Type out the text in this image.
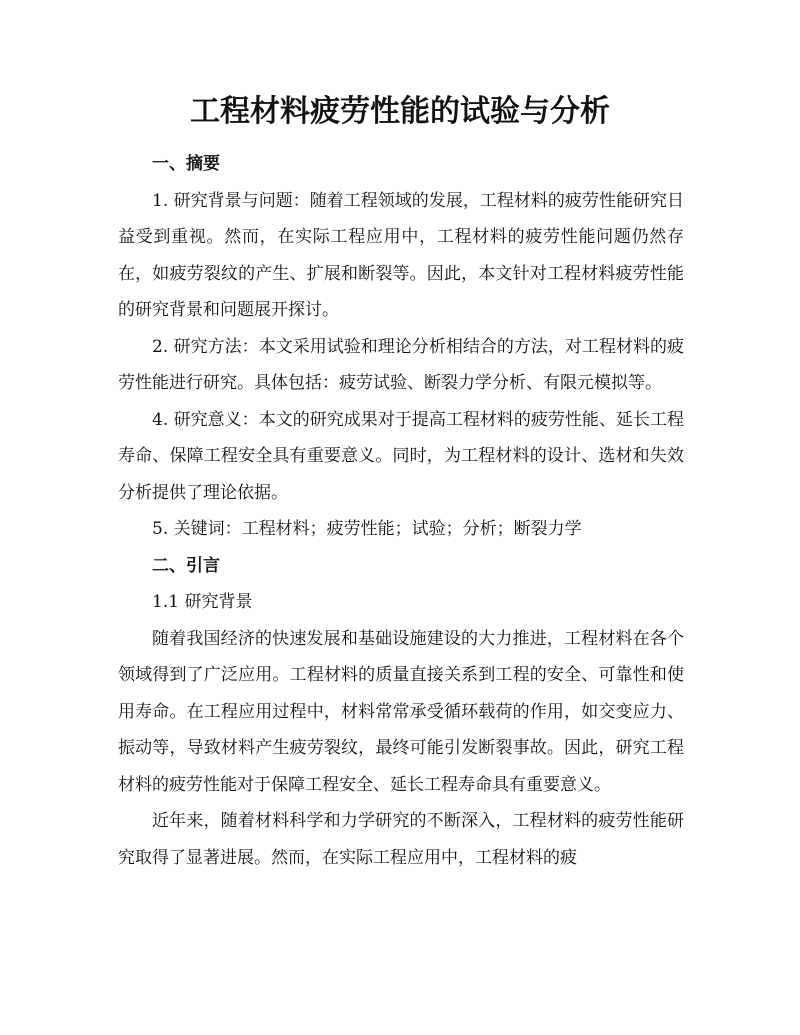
工程材料疲劳性能的试验与分析

一、摘要

1. 研究背景与问题：随着工程领域的发展，工程材料的疲劳性能研究日益受到重视。然而，在实际工程应用中，工程材料的疲劳性能问题仍然存在，如疲劳裂纹的产生、扩展和断裂等。因此，本文针对工程材料疲劳性能的研究背景和问题展开探讨。

2. 研究方法：本文采用试验和理论分析相结合的方法，对工程材料的疲劳性能进行研究。具体包括：疲劳试验、断裂力学分析、有限元模拟等。

4. 研究意义：本文的研究成果对于提高工程材料的疲劳性能、延长工程寿命、保障工程安全具有重要意义。同时，为工程材料的设计、选材和失效分析提供了理论依据。

5. 关键词：工程材料；疲劳性能；试验；分析；断裂力学

二、引言

1.1 研究背景

随着我国经济的快速发展和基础设施建设的大力推进，工程材料在各个领域得到了广泛应用。工程材料的质量直接关系到工程的安全、可靠性和使用寿命。在工程应用过程中，材料常常承受循环载荷的作用，如交变应力、振动等，导致材料产生疲劳裂纹，最终可能引发断裂事故。因此，研究工程材料的疲劳性能对于保障工程安全、延长工程寿命具有重要意义。

近年来，随着材料科学和力学研究的不断深入，工程材料的疲劳性能研究取得了显著进展。然而，在实际工程应用中，工程材料的疲
